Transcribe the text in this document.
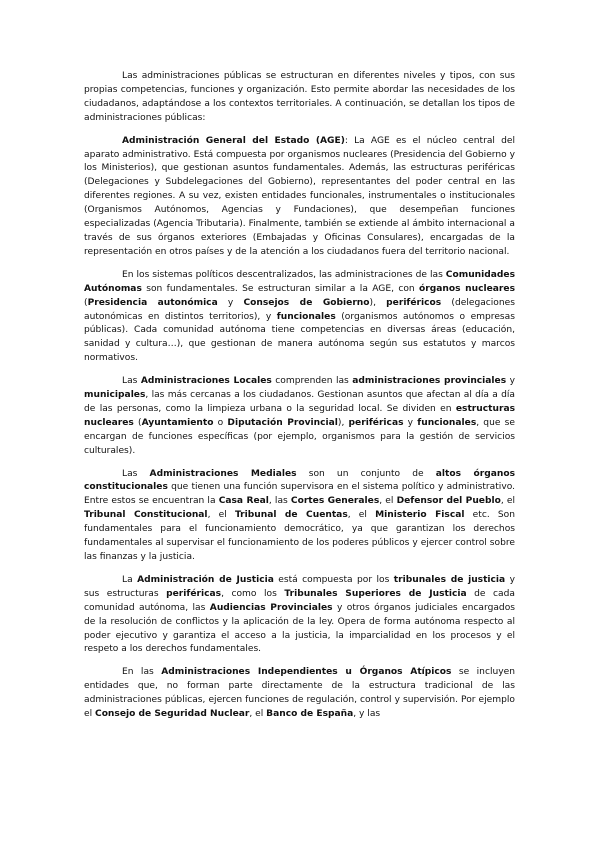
Las administraciones públicas se estructuran en diferentes niveles y tipos, con sus propias competencias, funciones y organización. Esto permite abordar las necesidades de los ciudadanos, adaptándose a los contextos territoriales. A continuación, se detallan los tipos de administraciones públicas:

Administración General del Estado (AGE): La AGE es el núcleo central del aparato administrativo. Está compuesta por organismos nucleares (Presidencia del Gobierno y los Ministerios), que gestionan asuntos fundamentales. Además, las estructuras periféricas (Delegaciones y Subdelegaciones del Gobierno), representantes del poder central en las diferentes regiones. A su vez, existen entidades funcionales, instrumentales o institucionales (Organismos Autónomos, Agencias y Fundaciones), que desempeñan funciones especializadas (Agencia Tributaria). Finalmente, también se extiende al ámbito internacional a través de sus órganos exteriores (Embajadas y Oficinas Consulares), encargadas de la representación en otros países y de la atención a los ciudadanos fuera del territorio nacional.

En los sistemas políticos descentralizados, las administraciones de las Comunidades Autónomas son fundamentales. Se estructuran similar a la AGE, con órganos nucleares (Presidencia autonómica y Consejos de Gobierno), periféricos (delegaciones autonómicas en distintos territorios), y funcionales (organismos autónomos o empresas públicas). Cada comunidad autónoma tiene competencias en diversas áreas (educación, sanidad y cultura…), que gestionan de manera autónoma según sus estatutos y marcos normativos.

Las Administraciones Locales comprenden las administraciones provinciales y municipales, las más cercanas a los ciudadanos. Gestionan asuntos que afectan al día a día de las personas, como la limpieza urbana o la seguridad local. Se dividen en estructuras nucleares (Ayuntamiento o Diputación Provincial), periféricas y funcionales, que se encargan de funciones específicas (por ejemplo, organismos para la gestión de servicios culturales).

Las Administraciones Mediales son un conjunto de altos órganos constitucionales que tienen una función supervisora en el sistema político y administrativo. Entre estos se encuentran la Casa Real, las Cortes Generales, el Defensor del Pueblo, el Tribunal Constitucional, el Tribunal de Cuentas, el Ministerio Fiscal etc. Son fundamentales para el funcionamiento democrático, ya que garantizan los derechos fundamentales al supervisar el funcionamiento de los poderes públicos y ejercer control sobre las finanzas y la justicia.

La Administración de Justicia está compuesta por los tribunales de justicia y sus estructuras periféricas, como los Tribunales Superiores de Justicia de cada comunidad autónoma, las Audiencias Provinciales y otros órganos judiciales encargados de la resolución de conflictos y la aplicación de la ley. Opera de forma autónoma respecto al poder ejecutivo y garantiza el acceso a la justicia, la imparcialidad en los procesos y el respeto a los derechos fundamentales.

En las Administraciones Independientes u Órganos Atípicos se incluyen entidades que, no forman parte directamente de la estructura tradicional de las administraciones públicas, ejercen funciones de regulación, control y supervisión. Por ejemplo el Consejo de Seguridad Nuclear, el Banco de España, y las
